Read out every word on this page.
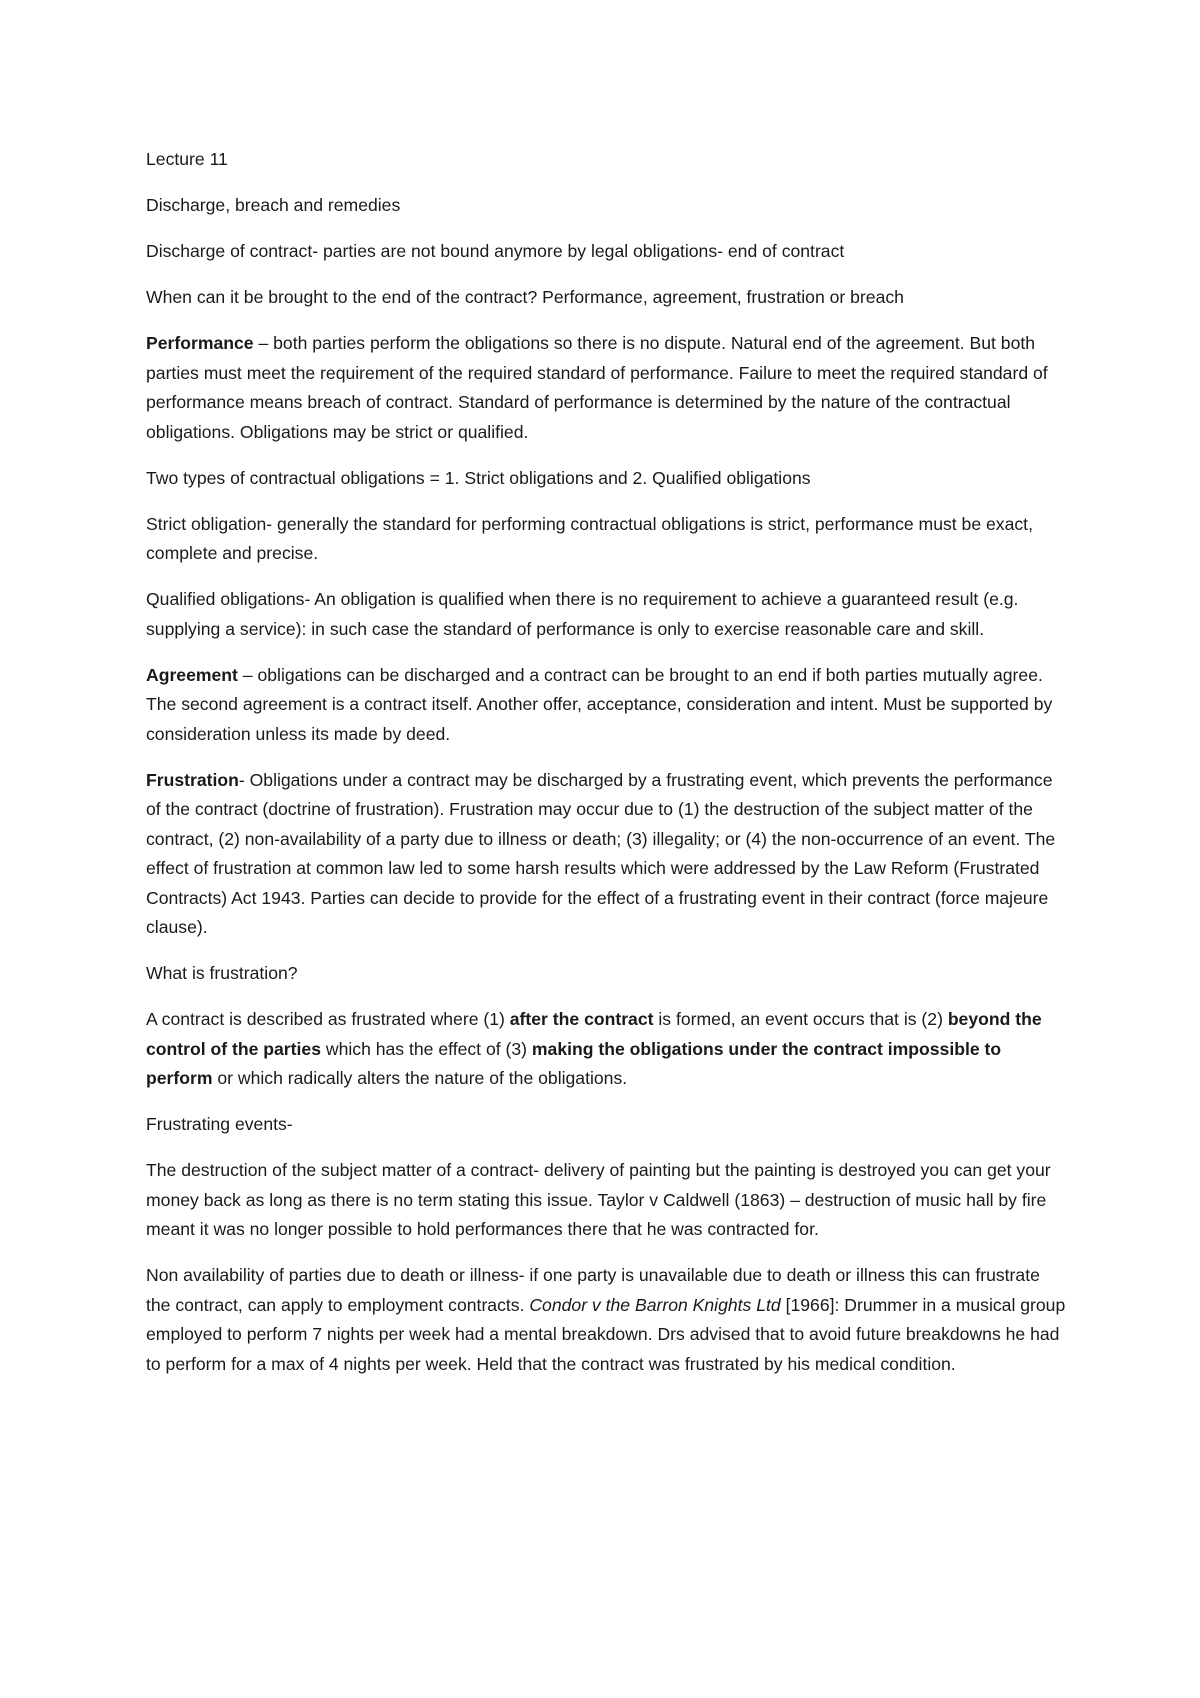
Lecture 11

Discharge, breach and remedies

Discharge of contract- parties are not bound anymore by legal obligations- end of contract

When can it be brought to the end of the contract? Performance, agreement, frustration or breach

Performance – both parties perform the obligations so there is no dispute. Natural end of the agreement. But both parties must meet the requirement of the required standard of performance. Failure to meet the required standard of performance means breach of contract. Standard of performance is determined by the nature of the contractual obligations. Obligations may be strict or qualified.

Two types of contractual obligations = 1. Strict obligations and 2. Qualified obligations

Strict obligation- generally the standard for performing contractual obligations is strict, performance must be exact, complete and precise.

Qualified obligations- An obligation is qualified when there is no requirement to achieve a guaranteed result (e.g. supplying a service): in such case the standard of performance is only to exercise reasonable care and skill.

Agreement – obligations can be discharged and a contract can be brought to an end if both parties mutually agree. The second agreement is a contract itself. Another offer, acceptance, consideration and intent. Must be supported by consideration unless its made by deed.

Frustration- Obligations under a contract may be discharged by a frustrating event, which prevents the performance of the contract (doctrine of frustration). Frustration may occur due to (1) the destruction of the subject matter of the contract, (2) non-availability of a party due to illness or death; (3) illegality; or (4) the non-occurrence of an event. The effect of frustration at common law led to some harsh results which were addressed by the Law Reform (Frustrated Contracts) Act 1943. Parties can decide to provide for the effect of a frustrating event in their contract (force majeure clause).

What is frustration?

A contract is described as frustrated where (1) after the contract is formed, an event occurs that is (2) beyond the control of the parties which has the effect of (3) making the obligations under the contract impossible to perform or which radically alters the nature of the obligations.

Frustrating events-

The destruction of the subject matter of a contract- delivery of painting but the painting is destroyed you can get your money back as long as there is no term stating this issue. Taylor v Caldwell (1863) – destruction of music hall by fire meant it was no longer possible to hold performances there that he was contracted for.

Non availability of parties due to death or illness- if one party is unavailable due to death or illness this can frustrate the contract, can apply to employment contracts. Condor v the Barron Knights Ltd [1966]: Drummer in a musical group employed to perform 7 nights per week had a mental breakdown. Drs advised that to avoid future breakdowns he had to perform for a max of 4 nights per week. Held that the contract was frustrated by his medical condition.
